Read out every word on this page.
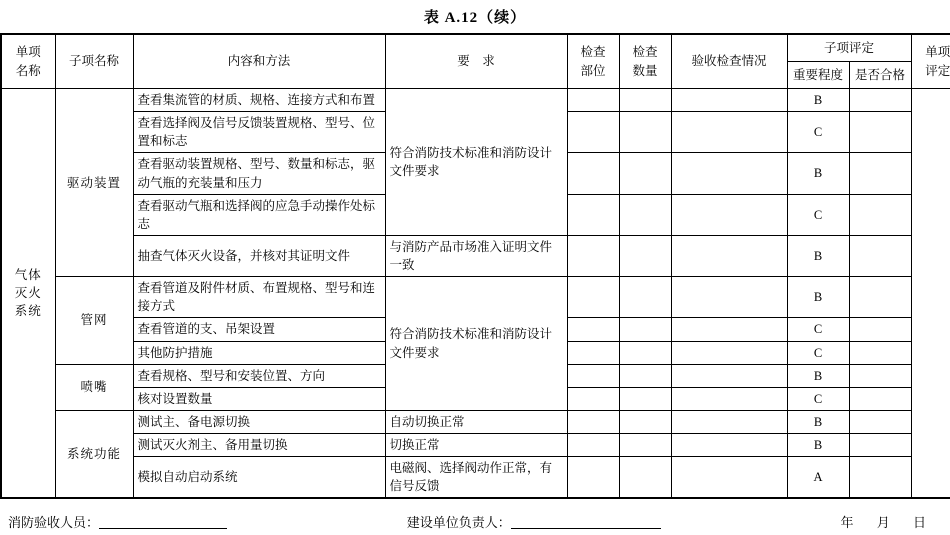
表 A.12（续）
单项
名称	子项名称	内容和方法	要    求	检查
部位	检查
数量	验收检查情况	子项评定		单项
评定
							重要程度	是否合格	

气体
灭火
系统	驱动装置	查看集流管的材质、规格、连接方式和布置	符合消防技术标准和消防设计文件要求				B		
		查看选择阀及信号反馈装置规格、型号、位置和标志					C		
		查看驱动装置规格、型号、数量和标志，驱动气瓶的充装量和压力					B		
		查看驱动气瓶和选择阀的应急手动操作处标志					C		
		抽查气体灭火设备，并核对其证明文件	与消防产品市场准入证明文件一致				B		
	管网	查看管道及附件材质、布置规格、型号和连接方式	符合消防技术标准和消防设计文件要求				B		
		查看管道的支、吊架设置					C		
		其他防护措施					C		
	喷嘴	查看规格、型号和安装位置、方向					B		
		核对设置数量					C		
	系统功能	测试主、备电源切换	自动切换正常				B		
		测试灭火剂主、备用量切换	切换正常				B		
		模拟自动启动系统	电磁阀、选择阀动作正常，有信号反馈				A		
消防验收人员：	建设单位负责人：	年 月 日
